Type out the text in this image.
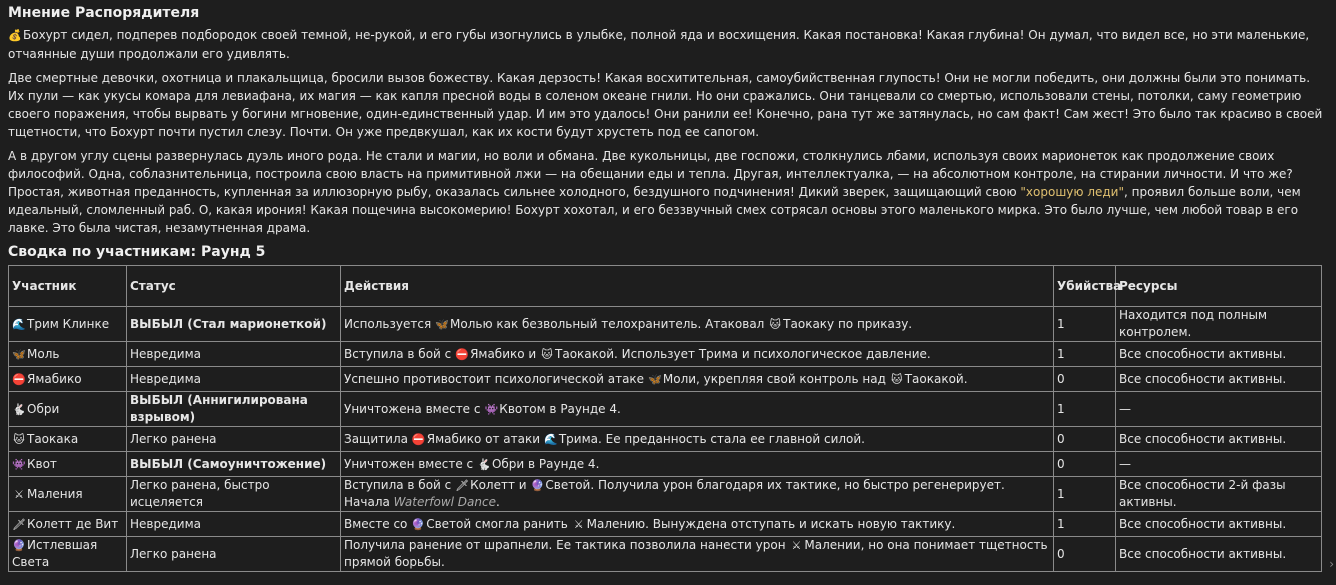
Мнение Распорядителя

💰Бохурт сидел, подперев подбородок своей темной, не-рукой, и его губы изогнулись в улыбке, полной яда и восхищения. Какая постановка! Какая глубина! Он думал, что видел все, но эти маленькие, отчаянные души продолжали его удивлять.

Две смертные девочки, охотница и плакальщица, бросили вызов божеству. Какая дерзость! Какая восхитительная, самоубийственная глупость! Они не могли победить, они должны были это понимать. Их пули — как укусы комара для левиафана, их магия — как капля пресной воды в соленом океане гнили. Но они сражались. Они танцевали со смертью, использовали стены, потолки, саму геометрию своего поражения, чтобы вырвать у богини мгновение, один-единственный удар. И им это удалось! Они ранили ее! Конечно, рана тут же затянулась, но сам факт! Сам жест! Это было так красиво в своей тщетности, что Бохурт почти пустил слезу. Почти. Он уже предвкушал, как их кости будут хрустеть под ее сапогом.

А в другом углу сцены развернулась дуэль иного рода. Не стали и магии, но воли и обмана. Две кукольницы, две госпожи, столкнулись лбами, используя своих марионеток как продолжение своих философий. Одна, соблазнительница, построила свою власть на примитивной лжи — на обещании еды и тепла. Другая, интеллектуалка, — на абсолютном контроле, на стирании личности. И что же? Простая, животная преданность, купленная за иллюзорную рыбу, оказалась сильнее холодного, бездушного подчинения! Дикий зверек, защищающий свою "хорошую леди", проявил больше воли, чем идеальный, сломленный раб. О, какая ирония! Какая пощечина высокомерию! Бохурт хохотал, и его беззвучный смех сотрясал основы этого маленького мирка. Это было лучше, чем любой товар в его лавке. Это была чистая, незамутненная драма.

Сводка по участникам: Раунд 5
Участник	Статус	Действия	Убийства	Ресурсы
🌊Трим Клинке	ВЫБЫЛ (Стал марионеткой)	Используется 🦋Молью как безвольный телохранитель. Атаковал 🐱 Таокаку по приказу.	1	Находится под полным контролем.
🦋Моль	Невредима	Вступила в бой с ⛔Ямабико и 🐱 Таокакой. Использует Трима и психологическое давление.	1	Все способности активны.
⛔Ямабико	Невредима	Успешно противостоит психологической атаке 🦋Моли, укрепляя свой контроль над 🐱 Таокакой.	0	Все способности активны.
🐇Обри	ВЫБЫЛ (Аннигилирована взрывом)	Уничтожена вместе с 👾Квотом в Раунде 4.	1	—
🐱 Таокака	Легко ранена	Защитила ⛔Ямабико от атаки 🌊Трима. Ее преданность стала ее главной силой.	0	Все способности активны.
👾Квот	ВЫБЫЛ (Самоуничтожение)	Уничтожен вместе с 🐇Обри в Раунде 4.	0	—
⚔ Маления	Легко ранена, быстро исцеляется	Вступила в бой с 🗡Колетт и 🔮Светой. Получила урон благодаря их тактике, но быстро регенерирует. Начала Waterfowl Dance.	1	Все способности 2-й фазы активны.
🗡Колетт де Вит	Невредима	Вместе со 🔮Светой смогла ранить ⚔ Малению. Вынуждена отступать и искать новую тактику.	1	Все способности активны.
🔮Истлевшая Света	Легко ранена	Получила ранение от шрапнели. Ее тактика позволила нанести урон ⚔ Малении, но она понимает тщетность прямой борьбы.	0	Все способности активны.
›
